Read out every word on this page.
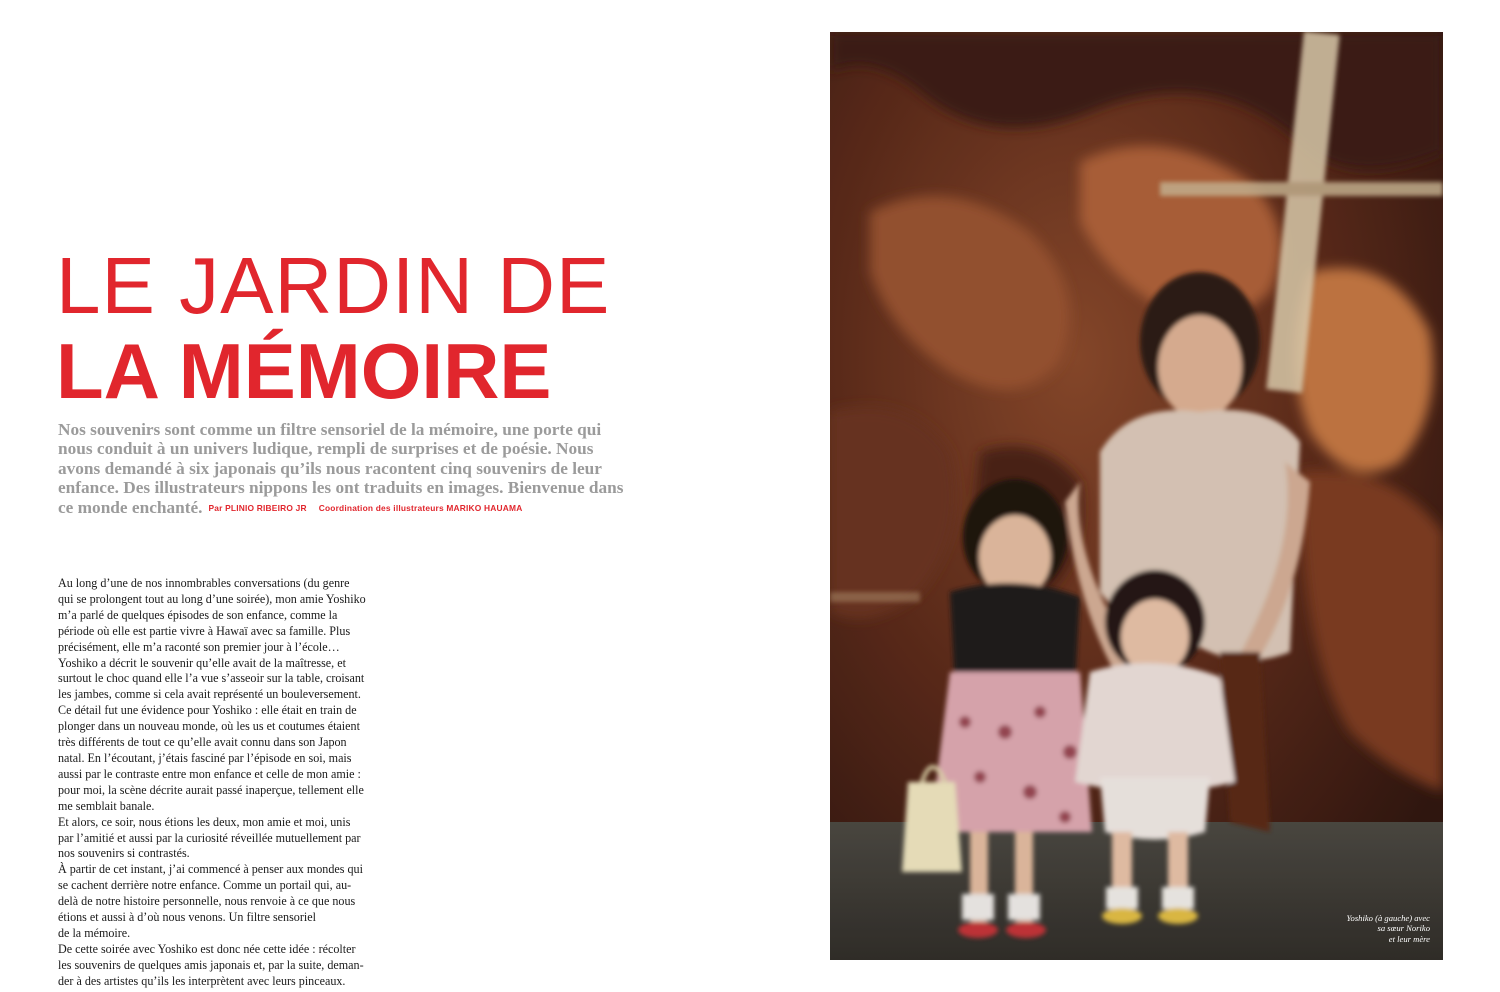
LE JARDIN DE
LA MÉMOIRE

Nos souvenirs sont comme un filtre sensoriel de la mémoire, une porte qui nous conduit à un univers ludique, rempli de surprises et de poésie. Nous avons demandé à six japonais qu’ils nous racontent cinq souvenirs de leur enfance. Des illustrateurs nippons les ont traduits en images. Bienvenue dans ce monde enchanté. Par PLINIO RIBEIRO JR Coordination des illustrateurs MARIKO HAUAMA

Au long d’une de nos innombrables conversations (du genre
qui se prolongent tout au long d’une soirée), mon amie Yoshiko
m’a parlé de quelques épisodes de son enfance, comme la
période où elle est partie vivre à Hawaï avec sa famille. Plus
précisément, elle m’a raconté son premier jour à l’école…
Yoshiko a décrit le souvenir qu’elle avait de la maîtresse, et
surtout le choc quand elle l’a vue s’asseoir sur la table, croisant
les jambes, comme si cela avait représenté un bouleversement.
Ce détail fut une évidence pour Yoshiko : elle était en train de
plonger dans un nouveau monde, où les us et coutumes étaient
très différents de tout ce qu’elle avait connu dans son Japon
natal. En l’écoutant, j’étais fasciné par l’épisode en soi, mais
aussi par le contraste entre mon enfance et celle de mon amie :
pour moi, la scène décrite aurait passé inaperçue, tellement elle
me semblait banale.
Et alors, ce soir, nous étions les deux, mon amie et moi, unis
par l’amitié et aussi par la curiosité réveillée mutuellement par
nos souvenirs si contrastés.
À partir de cet instant, j’ai commencé à penser aux mondes qui
se cachent derrière notre enfance. Comme un portail qui, au-
delà de notre histoire personnelle, nous renvoie à ce que nous
étions et aussi à d’où nous venons. Un filtre sensoriel
de la mémoire.
De cette soirée avec Yoshiko est donc née cette idée : récolter
les souvenirs de quelques amis japonais et, par la suite, deman-
der à des artistes qu’ils les interprètent avec leurs pinceaux.
Yoshiko (à gauche) avec
sa sœur Noriko
et leur mère
